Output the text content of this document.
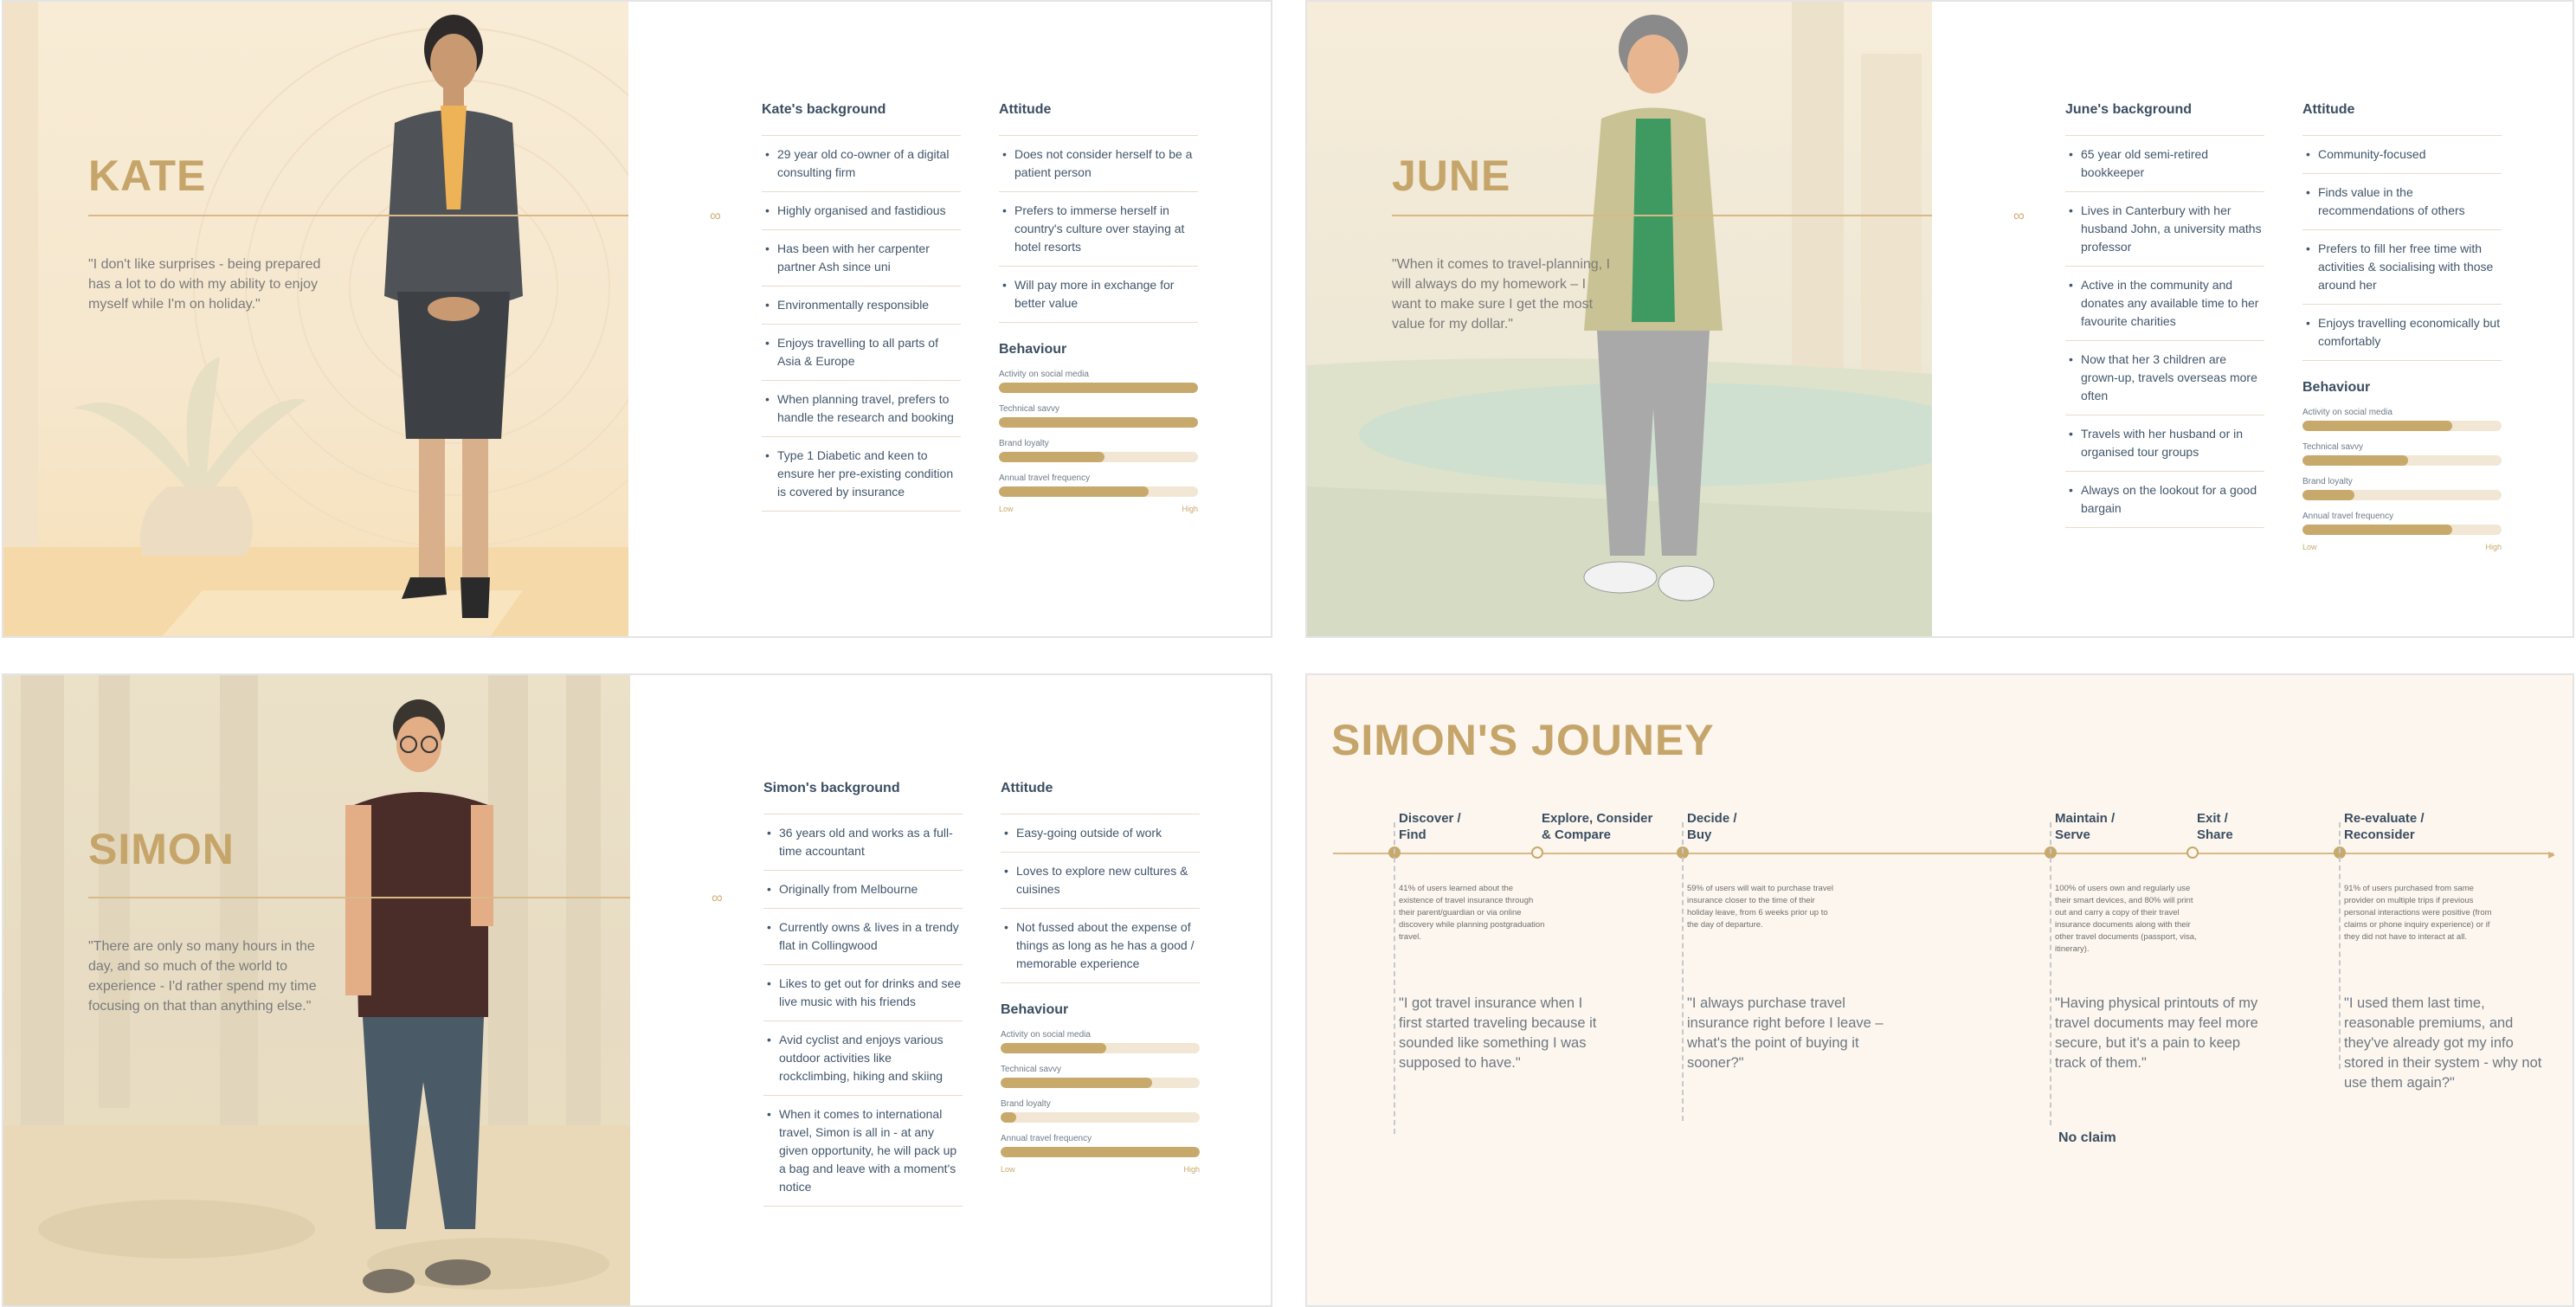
KATE
"I don't like surprises - being prepared has a lot to do with my ability to enjoy myself while I'm on holiday."
∞
Kate's background
• 29 year old co-owner of a digital consulting firm
• Highly organised and fastidious
• Has been with her carpenter partner Ash since uni
• Environmentally responsible
• Enjoys travelling to all parts of Asia & Europe
• When planning travel, prefers to handle the research and booking
• Type 1 Diabetic and keen to ensure her pre-existing condition is covered by insurance
Attitude
• Does not consider herself to be a patient person
• Prefers to immerse herself in country's culture over staying at hotel resorts
• Will pay more in exchange for better value
Behaviour
Activity on social media
Technical savvy
Brand loyalty
Annual travel frequency
Low	High
JUNE
"When it comes to travel-planning, I will always do my homework – I want to make sure I get the most value for my dollar."
∞
June's background
• 65 year old semi-retired bookkeeper
• Lives in Canterbury with her husband John, a university maths professor
• Active in the community and donates any available time to her favourite charities
• Now that her 3 children are grown-up, travels overseas more often
• Travels with her husband or in organised tour groups
• Always on the lookout for a good bargain
Attitude
• Community-focused
• Finds value in the recommendations of others
• Prefers to fill her free time with activities & socialising with those around her
• Enjoys travelling economically but comfortably
Behaviour
Activity on social media
Technical savvy
Brand loyalty
Annual travel frequency
Low	High
SIMON
"There are only so many hours in the day, and so much of the world to experience - I'd rather spend my time focusing on that than anything else."
∞
Simon's background
• 36 years old and works as a full-time accountant
• Originally from Melbourne
• Currently owns & lives in a trendy flat in Collingwood
• Likes to get out for drinks and see live music with his friends
• Avid cyclist and enjoys various outdoor activities like rockclimbing, hiking and skiing
• When it comes to international travel, Simon is all in - at any given opportunity, he will pack up a bag and leave with a moment's notice
Attitude
• Easy-going outside of work
• Loves to explore new cultures & cuisines
• Not fussed about the expense of things as long as he has a good / memorable experience
Behaviour
Activity on social media
Technical savvy
Brand loyalty
Annual travel frequency
Low	High
SIMON'S JOUNEY
▸
Discover /
Find
41% of users learned about the existence of travel insurance through their parent/guardian or via online discovery while planning postgraduation travel.
"I got travel insurance when I first started traveling because it sounded like something I was supposed to have."
Explore, Consider
& Compare
Decide /
Buy
59% of users will wait to purchase travel insurance closer to the time of their holiday leave, from 6 weeks prior up to the day of departure.
"I always purchase travel insurance right before I leave – what's the point of buying it sooner?"
Maintain /
Serve
100% of users own and regularly use their smart devices, and 80% will print out and carry a copy of their travel insurance documents along with their other travel documents (passport, visa, itinerary).
"Having physical printouts of my travel documents may feel more secure, but it's a pain to keep track of them."
Exit /
Share
Re-evaluate /
Reconsider
91% of users purchased from same provider on multiple trips if previous personal interactions were positive (from claims or phone inquiry experience) or if they did not have to interact at all.
"I used them last time, reasonable premiums, and they've already got my info stored in their system - why not use them again?"
No claim
